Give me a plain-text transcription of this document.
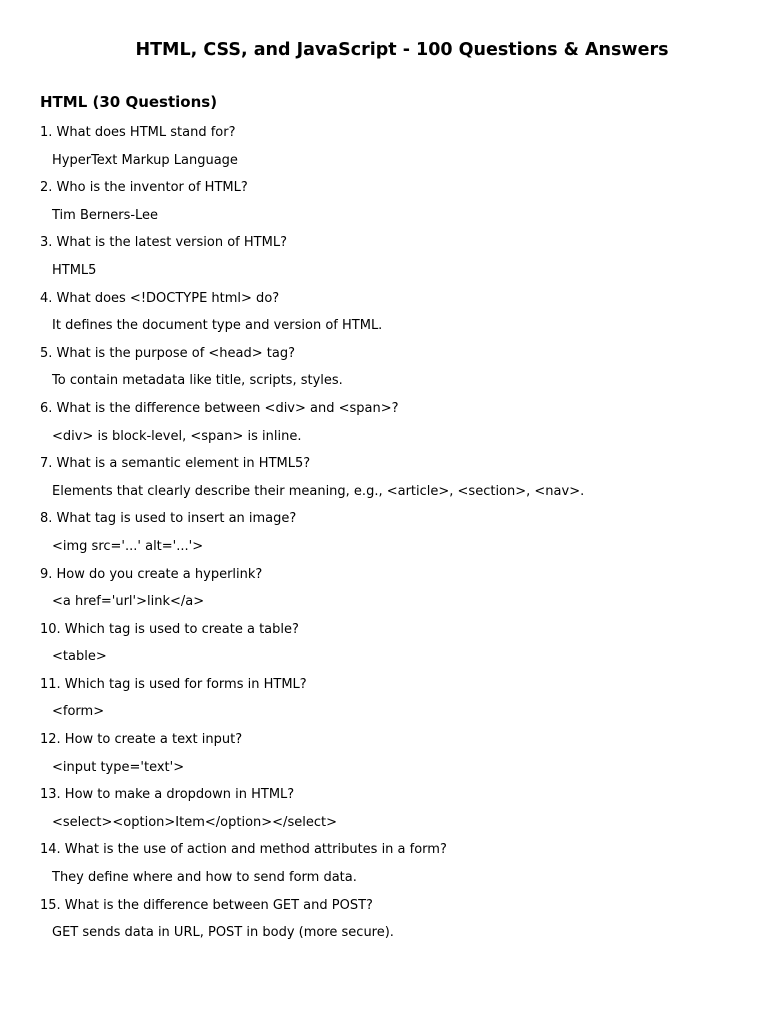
HTML, CSS, and JavaScript - 100 Questions & Answers
HTML (30 Questions)
1. What does HTML stand for?
HyperText Markup Language
2. Who is the inventor of HTML?
Tim Berners-Lee
3. What is the latest version of HTML?
HTML5
4. What does <!DOCTYPE html> do?
It defines the document type and version of HTML.
5. What is the purpose of <head> tag?
To contain metadata like title, scripts, styles.
6. What is the difference between <div> and <span>?
<div> is block-level, <span> is inline.
7. What is a semantic element in HTML5?
Elements that clearly describe their meaning, e.g., <article>, <section>, <nav>.
8. What tag is used to insert an image?
<img src='...' alt='...'>
9. How do you create a hyperlink?
<a href='url'>link</a>
10. Which tag is used to create a table?
<table>
11. Which tag is used for forms in HTML?
<form>
12. How to create a text input?
<input type='text'>
13. How to make a dropdown in HTML?
<select><option>Item</option></select>
14. What is the use of action and method attributes in a form?
They define where and how to send form data.
15. What is the difference between GET and POST?
GET sends data in URL, POST in body (more secure).
